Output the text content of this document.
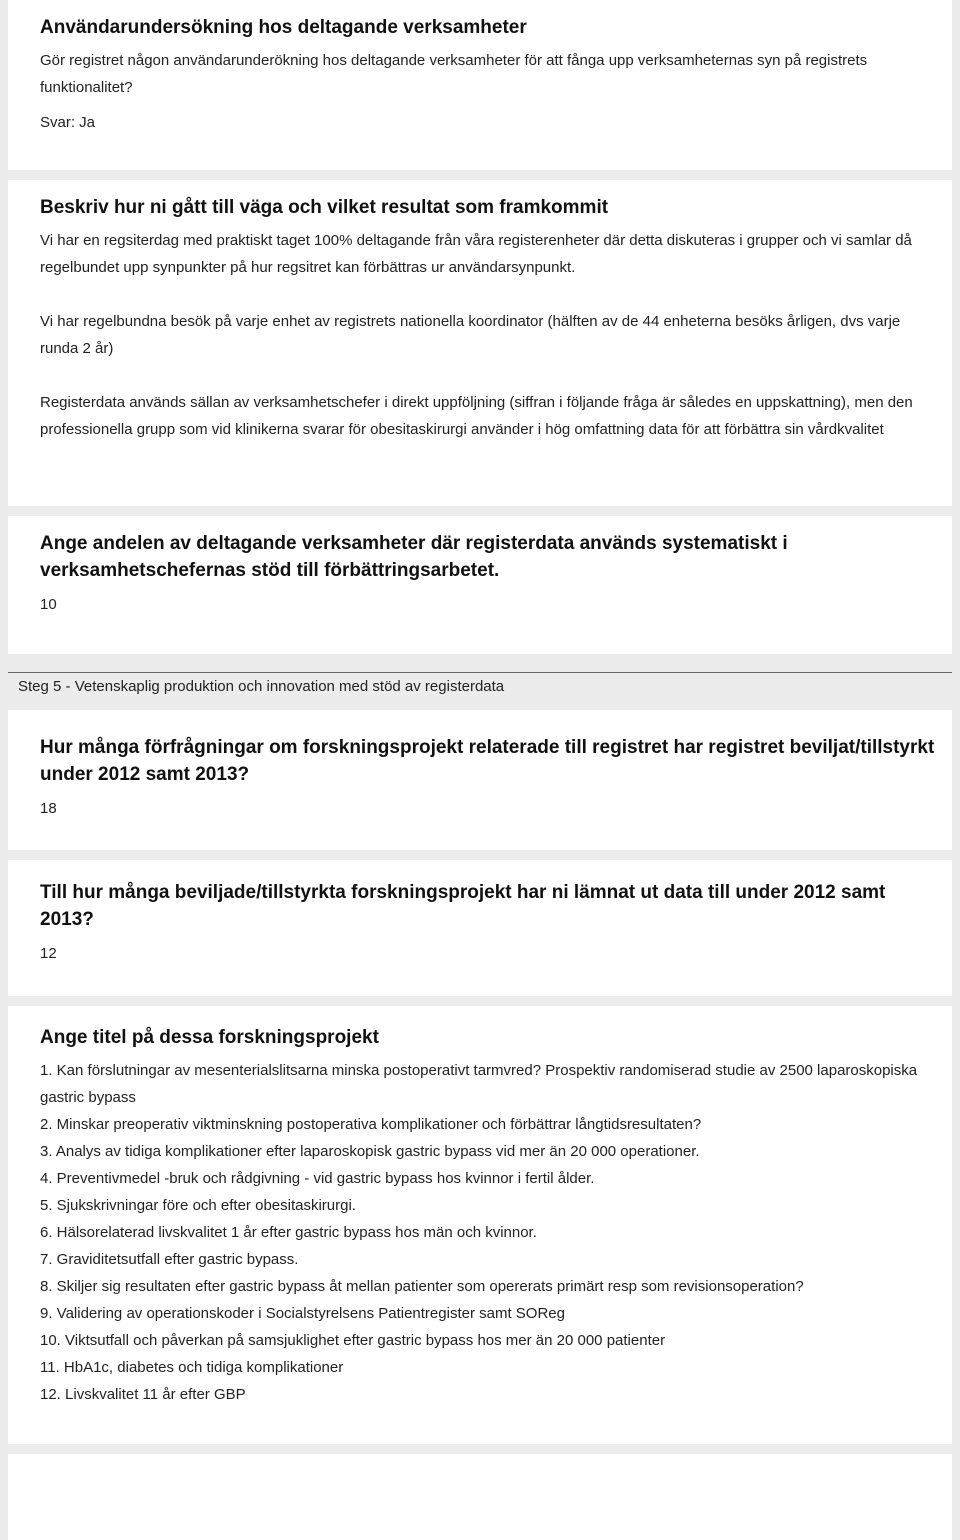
Användarundersökning hos deltagande verksamheter

Gör registret någon användarunderökning hos deltagande verksamheter för att fånga upp verksamheternas syn på registrets funktionalitet?

Svar: Ja

Beskriv hur ni gått till väga och vilket resultat som framkommit

Vi har en regsiterdag med praktiskt taget 100% deltagande från våra registerenheter där detta diskuteras i grupper och vi samlar då regelbundet upp synpunkter på hur regsitret kan förbättras ur användarsynpunkt.

Vi har regelbundna besök på varje enhet av registrets nationella koordinator (hälften av de 44 enheterna besöks årligen, dvs varje runda 2 år)

Registerdata används sällan av verksamhetschefer i direkt uppföljning (siffran i följande fråga är således en uppskattning), men den professionella grupp som vid klinikerna svarar för obesitaskirurgi använder i hög omfattning data för att förbättra sin vårdkvalitet

Ange andelen av deltagande verksamheter där registerdata används systematiskt i verksamhetschefernas stöd till förbättringsarbetet.

10

Steg 5 - Vetenskaplig produktion och innovation med stöd av registerdata
Hur många förfrågningar om forskningsprojekt relaterade till registret har registret beviljat/tillstyrkt under 2012 samt 2013?

18

Till hur många beviljade/tillstyrkta forskningsprojekt har ni lämnat ut data till under 2012 samt 2013?

12

Ange titel på dessa forskningsprojekt
1. Kan förslutningar av mesenterialslitsarna minska postoperativt tarmvred? Prospektiv randomiserad studie av 2500 laparoskopiska gastric bypass
2. Minskar preoperativ viktminskning postoperativa komplikationer och förbättrar långtidsresultaten?
3. Analys av tidiga komplikationer efter laparoskopisk gastric bypass vid mer än 20 000 operationer.
4. Preventivmedel -bruk och rådgivning - vid gastric bypass hos kvinnor i fertil ålder.
5. Sjukskrivningar före och efter obesitaskirurgi.
6. Hälsorelaterad livskvalitet 1 år efter gastric bypass hos män och kvinnor.
7. Graviditetsutfall efter gastric bypass.
8. Skiljer sig resultaten efter gastric bypass åt mellan patienter som opererats primärt resp som revisionsoperation?
9. Validering av operationskoder i Socialstyrelsens Patientregister samt SOReg
10. Viktsutfall och påverkan på samsjuklighet efter gastric bypass hos mer än 20 000 patienter
11. HbA1c, diabetes och tidiga komplikationer
12. Livskvalitet 11 år efter GBP
